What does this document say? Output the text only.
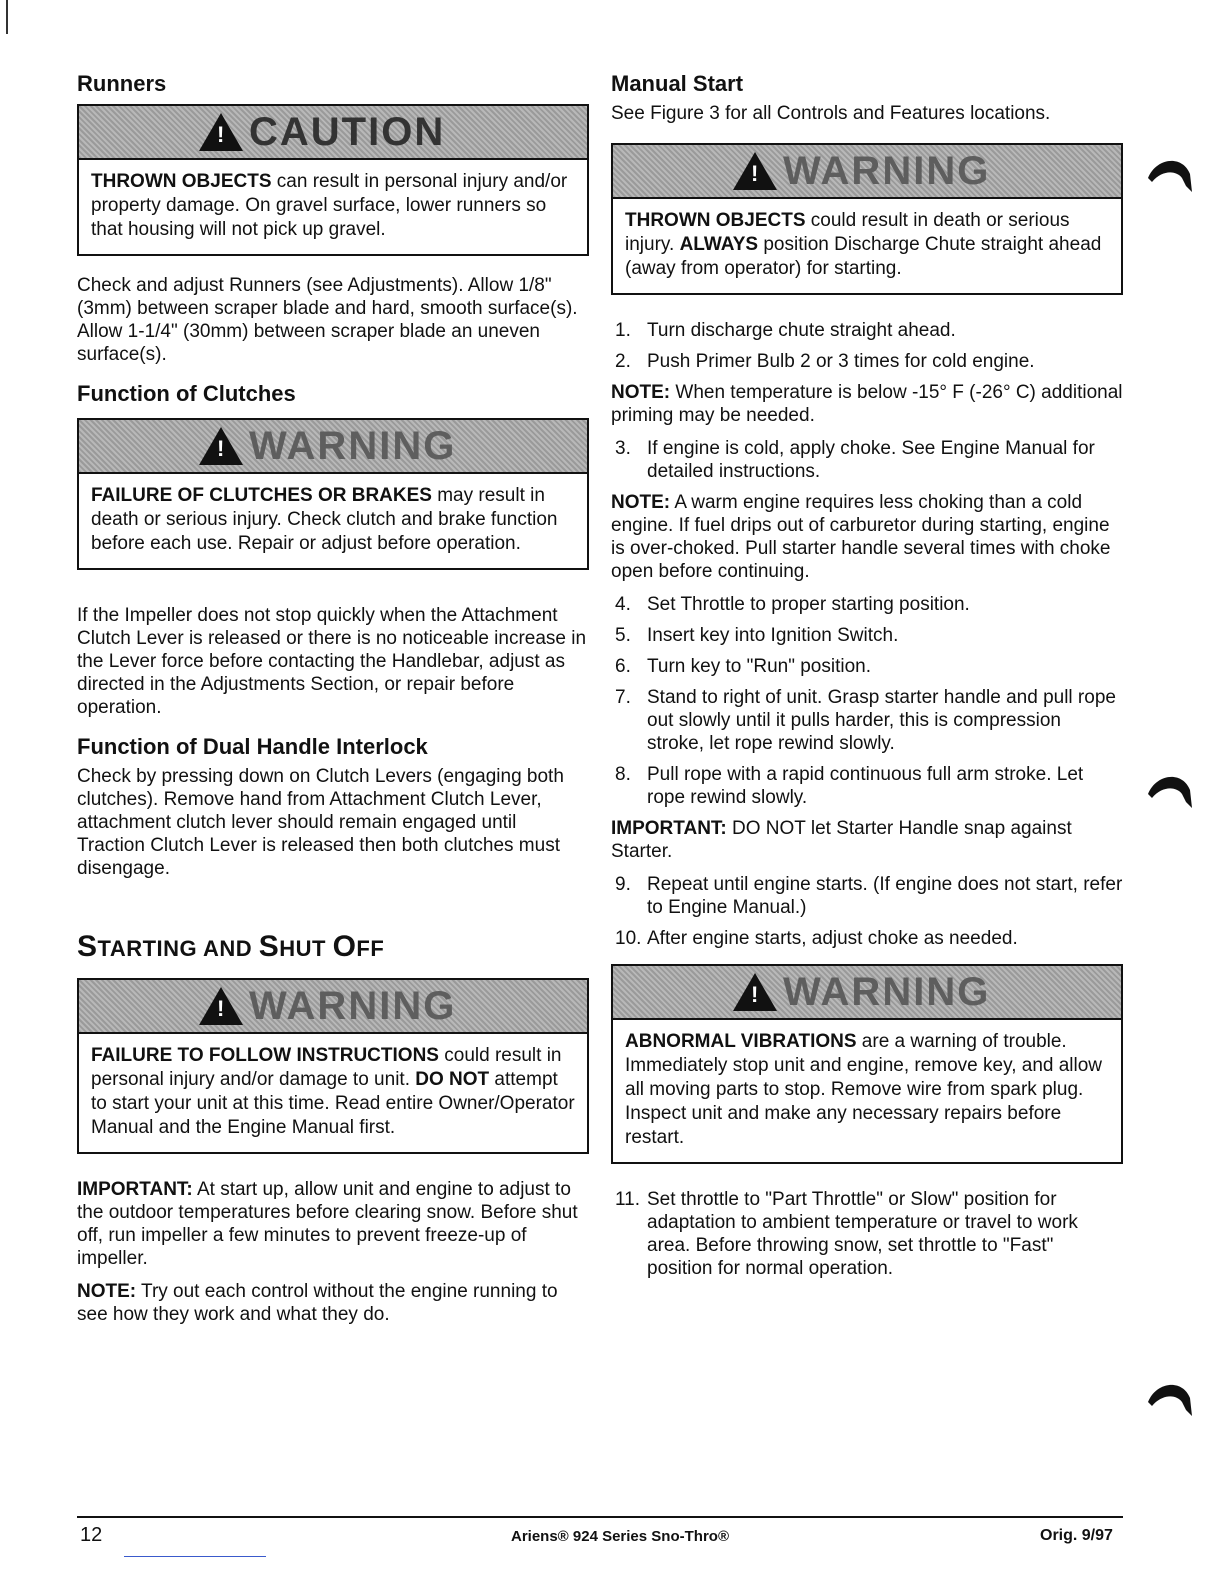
Runners
! CAUTION
THROWN OBJECTS can result in personal injury and/or property damage. On gravel surface, lower runners so that housing will not pick up gravel.

Check and adjust Runners (see Adjustments). Allow 1/8" (3mm) between scraper blade and hard, smooth surface(s). Allow 1-1/4" (30mm) between scraper blade an uneven surface(s).

Function of Clutches
! WARNING
FAILURE OF CLUTCHES OR BRAKES may result in death or serious injury. Check clutch and brake function before each use. Repair or adjust before operation.

If the Impeller does not stop quickly when the Attachment Clutch Lever is released or there is no noticeable increase in the Lever force before contacting the Handlebar, adjust as directed in the Adjustments Section, or repair before operation.

Function of Dual Handle Interlock

Check by pressing down on Clutch Levers (engaging both clutches). Remove hand from Attachment Clutch Lever, attachment clutch lever should remain engaged until Traction Clutch Lever is released then both clutches must disengage.

STARTING AND SHUT OFF
! WARNING
FAILURE TO FOLLOW INSTRUCTIONS could result in personal injury and/or damage to unit. DO NOT attempt to start your unit at this time. Read entire Owner/Operator Manual and the Engine Manual first.

IMPORTANT: At start up, allow unit and engine to adjust to the outdoor temperatures before clearing snow. Before shut off, run impeller a few minutes to prevent freeze-up of impeller.

NOTE: Try out each control without the engine running to see how they work and what they do.

Manual Start

See Figure 3 for all Controls and Features locations.

! WARNING
THROWN OBJECTS could result in death or serious injury. ALWAYS position Discharge Chute straight ahead (away from operator) for starting.
1. Turn discharge chute straight ahead.
2. Push Primer Bulb 2 or 3 times for cold engine.

NOTE: When temperature is below -15° F (-26° C) additional priming may be needed.

3. If engine is cold, apply choke. See Engine Manual for detailed instructions.

NOTE: A warm engine requires less choking than a cold engine. If fuel drips out of carburetor during starting, engine is over-choked. Pull starter handle several times with choke open before continuing.

4. Set Throttle to proper starting position.
5. Insert key into Ignition Switch.
6. Turn key to "Run" position.
7. Stand to right of unit. Grasp starter handle and pull rope out slowly until it pulls harder, this is compression stroke, let rope rewind slowly.
8. Pull rope with a rapid continuous full arm stroke. Let rope rewind slowly.

IMPORTANT: DO NOT let Starter Handle snap against Starter.

9. Repeat until engine starts. (If engine does not start, refer to Engine Manual.)
10. After engine starts, adjust choke as needed.
! WARNING
ABNORMAL VIBRATIONS are a warning of trouble. Immediately stop unit and engine, remove key, and allow all moving parts to stop. Remove wire from spark plug. Inspect unit and make any necessary repairs before restart.
11. Set throttle to "Part Throttle" or Slow" position for adaptation to ambient temperature or travel to work area. Before throwing snow, set throttle to "Fast" position for normal operation.
12	Ariens® 924 Series Sno-Thro®	Orig. 9/97
